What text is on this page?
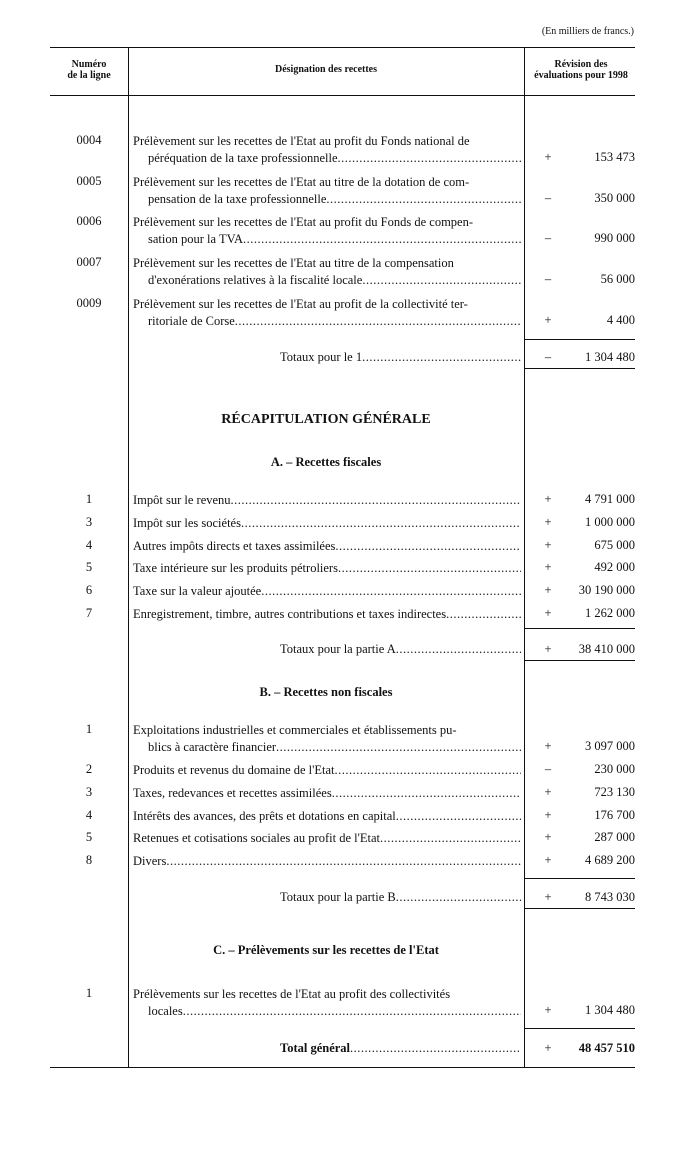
(En milliers de francs.)
Numéro
de la ligne
Désignation des recettes	Révision des
évaluations pour 1998
0004	Prélèvement sur les recettes de l'Etat au profit du Fonds national de
péréquation de la taxe professionnelle .....	+	153 473
0005	Prélèvement sur les recettes de l'Etat au titre de la dotation de com-
pensation de la taxe professionnelle .....	–	350 000
0006	Prélèvement sur les recettes de l'Etat au profit du Fonds de compen-
sation pour la TVA .....	–	990 000
0007	Prélèvement sur les recettes de l'Etat au titre de la compensation
d'exonérations relatives à la fiscalité locale .....	–	56 000
0009	Prélèvement sur les recettes de l'Etat au profit de la collectivité ter-
ritoriale de Corse .....	+	4 400
Totaux pour le 1 .....	–	1 304 480
RÉCAPITULATION GÉNÉRALE
A. – Recettes fiscales
1	Impôt sur le revenu .....	+	4 791 000
3	Impôt sur les sociétés .....	+	1 000 000
4	Autres impôts directs et taxes assimilées .....	+	675 000
5	Taxe intérieure sur les produits pétroliers .....	+	492 000
6	Taxe sur la valeur ajoutée .....	+	30 190 000
7	Enregistrement, timbre, autres contributions et taxes indirectes .....	+	1 262 000
Totaux pour la partie A .....	+	38 410 000
B. – Recettes non fiscales
1	Exploitations industrielles et commerciales et établissements pu-
blics à caractère financier .....	+	3 097 000
2	Produits et revenus du domaine de l'Etat .....	–	230 000
3	Taxes, redevances et recettes assimilées .....	+	723 130
4	Intérêts des avances, des prêts et dotations en capital .....	+	176 700
5	Retenues et cotisations sociales au profit de l'Etat .....	+	287 000
8	Divers .....	+	4 689 200
Totaux pour la partie B .....	+	8 743 030
C. – Prélèvements sur les recettes de l'Etat
1	Prélèvements sur les recettes de l'Etat au profit des collectivités
locales .....	+	1 304 480
Total général .....	+	48 457 510
